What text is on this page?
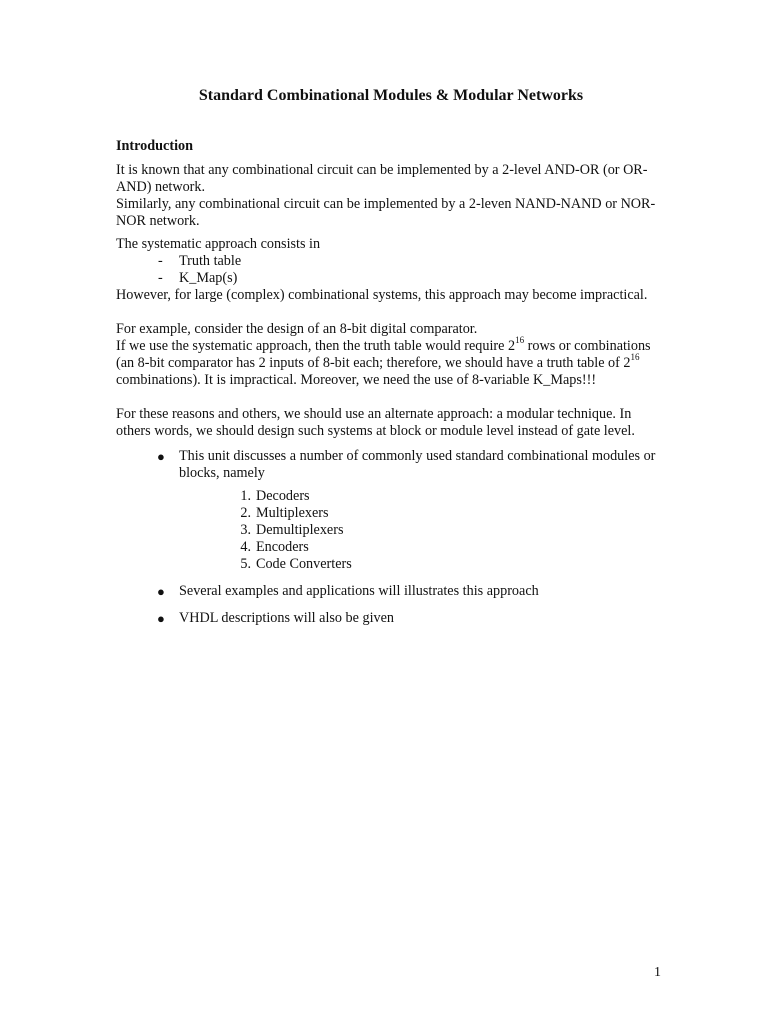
Standard Combinational Modules & Modular Networks
Introduction

It is known that any combinational circuit can be implemented by a 2-level AND-OR (or OR-AND) network.

Similarly, any combinational circuit can be implemented by a 2-leven NAND-NAND or NOR-NOR network.

The systematic approach consists in

- Truth table
- K_Map(s)

However, for large (complex) combinational systems, this approach may become impractical.

For example, consider the design of an 8-bit digital comparator.

If we use the systematic approach, then the truth table would require $2^{16}$ rows or combinations (an 8-bit comparator has 2 inputs of 8-bit each; therefore, we should have a truth table of $2^{16}$ combinations). It is impractical. Moreover, we need the use of 8-variable K_Maps!!!

For these reasons and others, we should use an alternate approach: a modular technique. In others words, we should design such systems at block or module level instead of gate level.

● This unit discusses a number of commonly used standard combinational modules or blocks, namely
1. Decoders
2. Multiplexers
3. Demultiplexers
4. Encoders
5. Code Converters
● Several examples and applications will illustrates this approach
● VHDL descriptions will also be given
1
